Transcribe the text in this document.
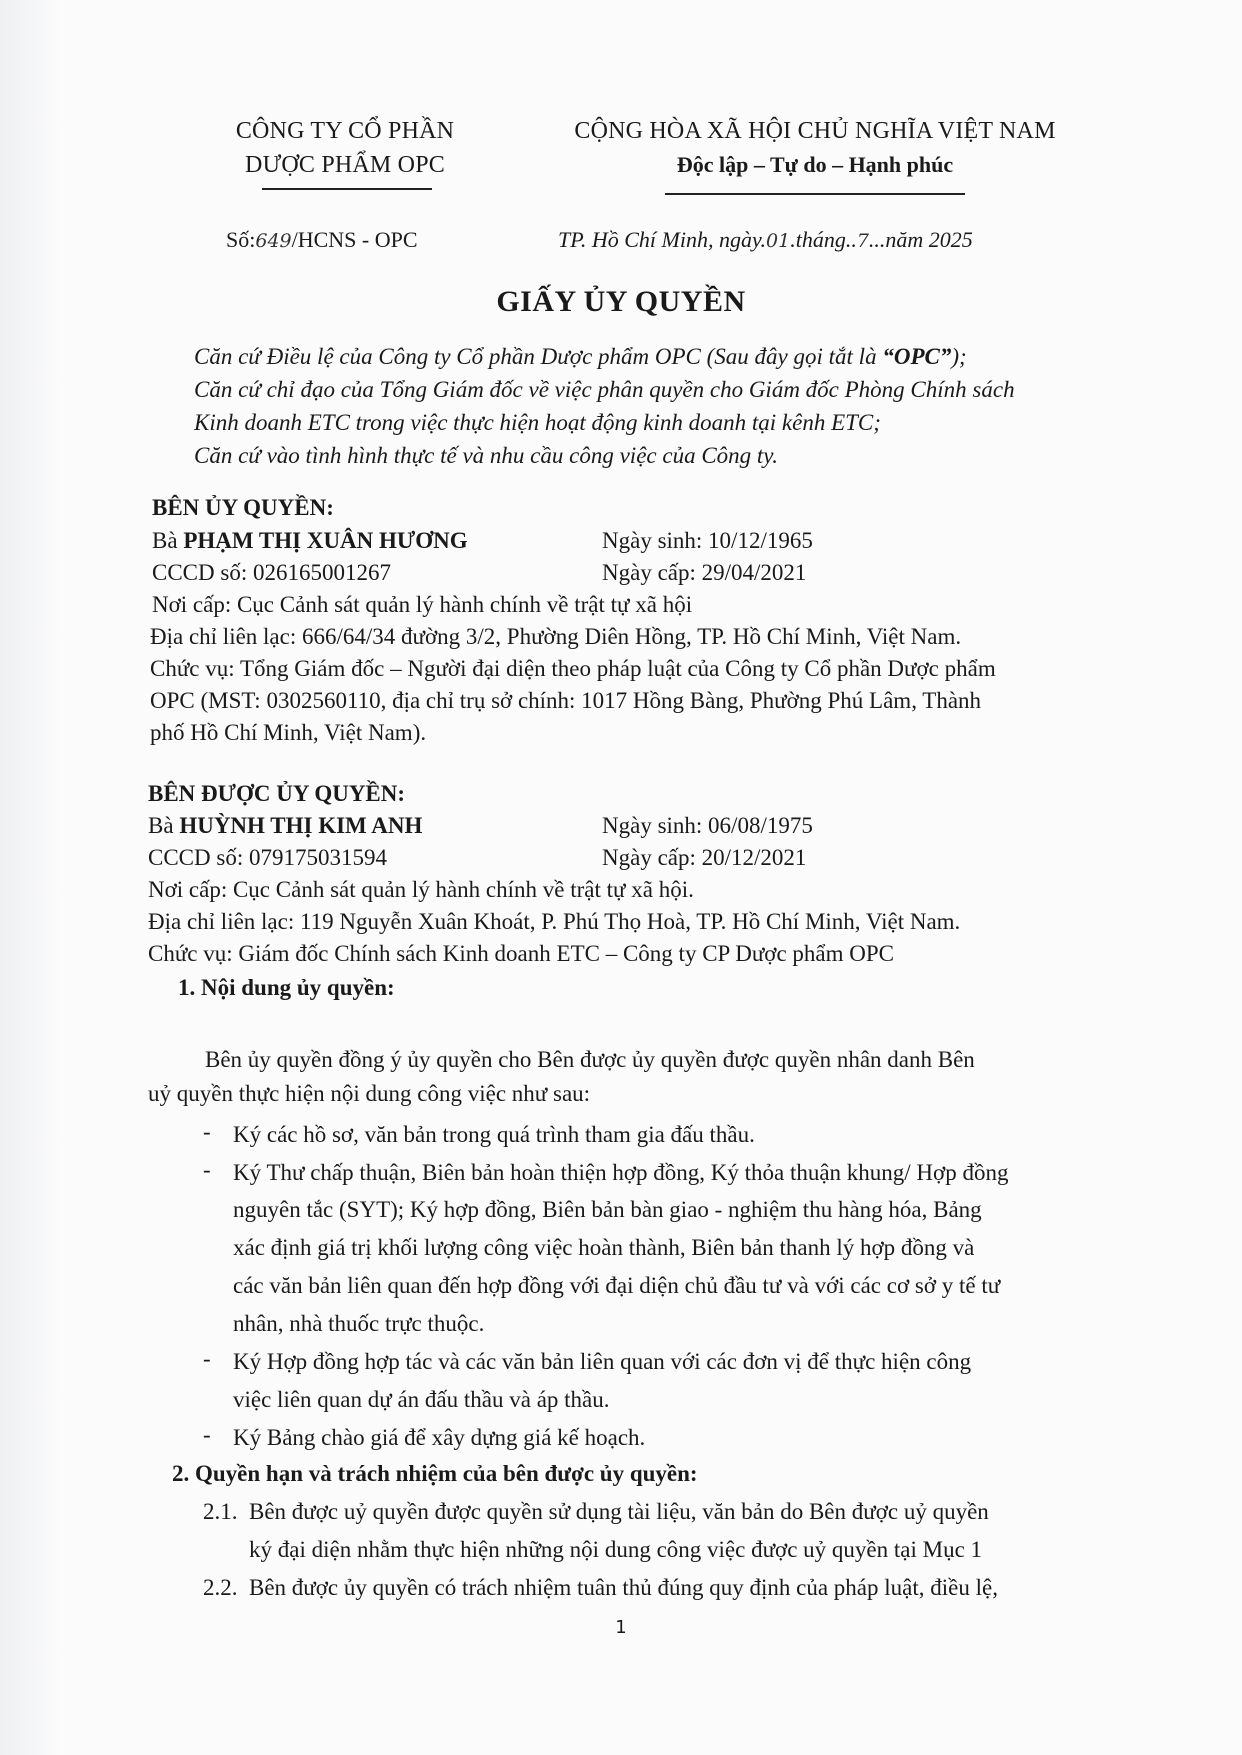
CÔNG TY CỔ PHẦN
DƯỢC PHẨM OPC
CỘNG HÒA XÃ HỘI CHỦ NGHĨA VIỆT NAM
Độc lập – Tự do – Hạnh phúc
Số:649/HCNS - OPC	TP. Hồ Chí Minh, ngày.01.tháng..7...năm 2025
GIẤY ỦY QUYỀN
Căn cứ Điều lệ của Công ty Cổ phần Dược phẩm OPC (Sau đây gọi tắt là “OPC”);
Căn cứ chỉ đạo của Tổng Giám đốc về việc phân quyền cho Giám đốc Phòng Chính sách
Kinh doanh ETC trong việc thực hiện hoạt động kinh doanh tại kênh ETC;
Căn cứ vào tình hình thực tế và nhu cầu công việc của Công ty.
BÊN ỦY QUYỀN:
Bà PHẠM THỊ XUÂN HƯƠNG	Ngày sinh: 10/12/1965
CCCD số: 026165001267	Ngày cấp: 29/04/2021
Nơi cấp: Cục Cảnh sát quản lý hành chính về trật tự xã hội
Địa chỉ liên lạc: 666/64/34 đường 3/2, Phường Diên Hồng, TP. Hồ Chí Minh, Việt Nam.
Chức vụ: Tổng Giám đốc – Người đại diện theo pháp luật của Công ty Cổ phần Dược phẩm
OPC (MST: 0302560110, địa chỉ trụ sở chính: 1017 Hồng Bàng, Phường Phú Lâm, Thành
phố Hồ Chí Minh, Việt Nam).
BÊN ĐƯỢC ỦY QUYỀN:
Bà HUỲNH THỊ KIM ANH	Ngày sinh: 06/08/1975
CCCD số: 079175031594	Ngày cấp: 20/12/2021
Nơi cấp: Cục Cảnh sát quản lý hành chính về trật tự xã hội.
Địa chỉ liên lạc: 119 Nguyễn Xuân Khoát, P. Phú Thọ Hoà, TP. Hồ Chí Minh, Việt Nam.
Chức vụ: Giám đốc Chính sách Kinh doanh ETC – Công ty CP Dược phẩm OPC
1. Nội dung ủy quyền:
Bên ủy quyền đồng ý ủy quyền cho Bên được ủy quyền được quyền nhân danh Bên
uỷ quyền thực hiện nội dung công việc như sau:
- Ký các hồ sơ, văn bản trong quá trình tham gia đấu thầu.
- Ký Thư chấp thuận, Biên bản hoàn thiện hợp đồng, Ký thỏa thuận khung/ Hợp đồng
nguyên tắc (SYT); Ký hợp đồng, Biên bản bàn giao - nghiệm thu hàng hóa, Bảng
xác định giá trị khối lượng công việc hoàn thành, Biên bản thanh lý hợp đồng và
các văn bản liên quan đến hợp đồng với đại diện chủ đầu tư và với các cơ sở y tế tư
nhân, nhà thuốc trực thuộc.
- Ký Hợp đồng hợp tác và các văn bản liên quan với các đơn vị để thực hiện công
việc liên quan dự án đấu thầu và áp thầu.
- Ký Bảng chào giá để xây dựng giá kế hoạch.
2. Quyền hạn và trách nhiệm của bên được ủy quyền:
2.1. Bên được uỷ quyền được quyền sử dụng tài liệu, văn bản do Bên được uỷ quyền
ký đại diện nhằm thực hiện những nội dung công việc được uỷ quyền tại Mục 1
2.2. Bên được ủy quyền có trách nhiệm tuân thủ đúng quy định của pháp luật, điều lệ,
1
